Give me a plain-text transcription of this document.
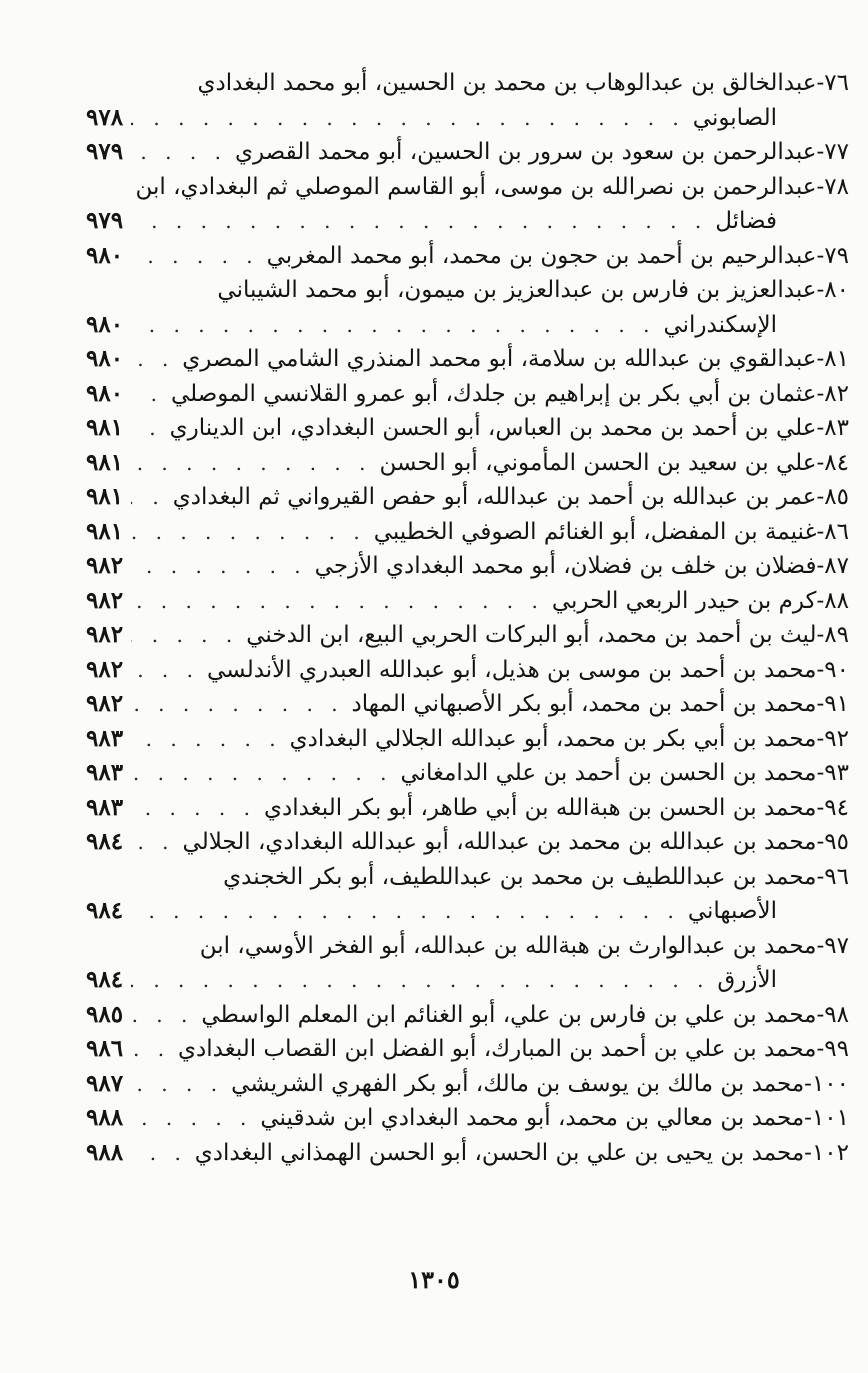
٧٦-
عبدالخالق بن عبدالوهاب بن محمد بن الحسين، أبو محمد البغدادي
الصابوني
. . .
٩٧٨
٧٧-
عبدالرحمن بن سعود بن سرور بن الحسين، أبو محمد القصري
. . .
٩٧٩
٧٨-
عبدالرحمن بن نصرالله بن موسى، أبو القاسم الموصلي ثم البغدادي، ابن
فضائل
. . .
٩٧٩
٧٩-
عبدالرحيم بن أحمد بن حجون بن محمد، أبو محمد المغربي
. . .
٩٨٠
٨٠-
عبدالعزيز بن فارس بن عبدالعزيز بن ميمون، أبو محمد الشيباني
الإسكندراني
. . .
٩٨٠
٨١-
عبدالقوي بن عبدالله بن سلامة، أبو محمد المنذري الشامي المصري
. . .
٩٨٠
٨٢-
عثمان بن أبي بكر بن إبراهيم بن جلدك، أبو عمرو القلانسي الموصلي
. . .
٩٨٠
٨٣-
علي بن أحمد بن محمد بن العباس، أبو الحسن البغدادي، ابن الديناري
. . .
٩٨١
٨٤-
علي بن سعيد بن الحسن المأموني، أبو الحسن
. . .
٩٨١
٨٥-
عمر بن عبدالله بن أحمد بن عبدالله، أبو حفص القيرواني ثم البغدادي
. . .
٩٨١
٨٦-
غنيمة بن المفضل، أبو الغنائم الصوفي الخطيبي
. . .
٩٨١
٨٧-
فضلان بن خلف بن فضلان، أبو محمد البغدادي الأزجي
. . .
٩٨٢
٨٨-
كرم بن حيدر الربعي الحربي
. . .
٩٨٢
٨٩-
ليث بن أحمد بن محمد، أبو البركات الحربي البيع، ابن الدخني
. . .
٩٨٢
٩٠-
محمد بن أحمد بن موسى بن هذيل، أبو عبدالله العبدري الأندلسي
. . .
٩٨٢
٩١-
محمد بن أحمد بن محمد، أبو بكر الأصبهاني المهاد
. . .
٩٨٢
٩٢-
محمد بن أبي بكر بن محمد، أبو عبدالله الجلالي البغدادي
. . .
٩٨٣
٩٣-
محمد بن الحسن بن أحمد بن علي الدامغاني
. . .
٩٨٣
٩٤-
محمد بن الحسن بن هبةالله بن أبي طاهر، أبو بكر البغدادي
. . .
٩٨٣
٩٥-
محمد بن عبدالله بن محمد بن عبدالله، أبو عبدالله البغدادي، الجلالي
. . .
٩٨٤
٩٦-
محمد بن عبداللطيف بن محمد بن عبداللطيف، أبو بكر الخجندي
الأصبهاني
. . .
٩٨٤
٩٧-
محمد بن عبدالوارث بن هبةالله بن عبدالله، أبو الفخر الأوسي، ابن
الأزرق
. . .
٩٨٤
٩٨-
محمد بن علي بن فارس بن علي، أبو الغنائم ابن المعلم الواسطي
. . .
٩٨٥
٩٩-
محمد بن علي بن أحمد بن المبارك، أبو الفضل ابن القصاب البغدادي
. . .
٩٨٦
١٠٠-
محمد بن مالك بن يوسف بن مالك، أبو بكر الفهري الشريشي
. . .
٩٨٧
١٠١-
محمد بن معالي بن محمد، أبو محمد البغدادي ابن شدقيني
. . .
٩٨٨
١٠٢-
محمد بن يحيى بن علي بن الحسن، أبو الحسن الهمذاني البغدادي
. . .
٩٨٨
١٣٠٥
